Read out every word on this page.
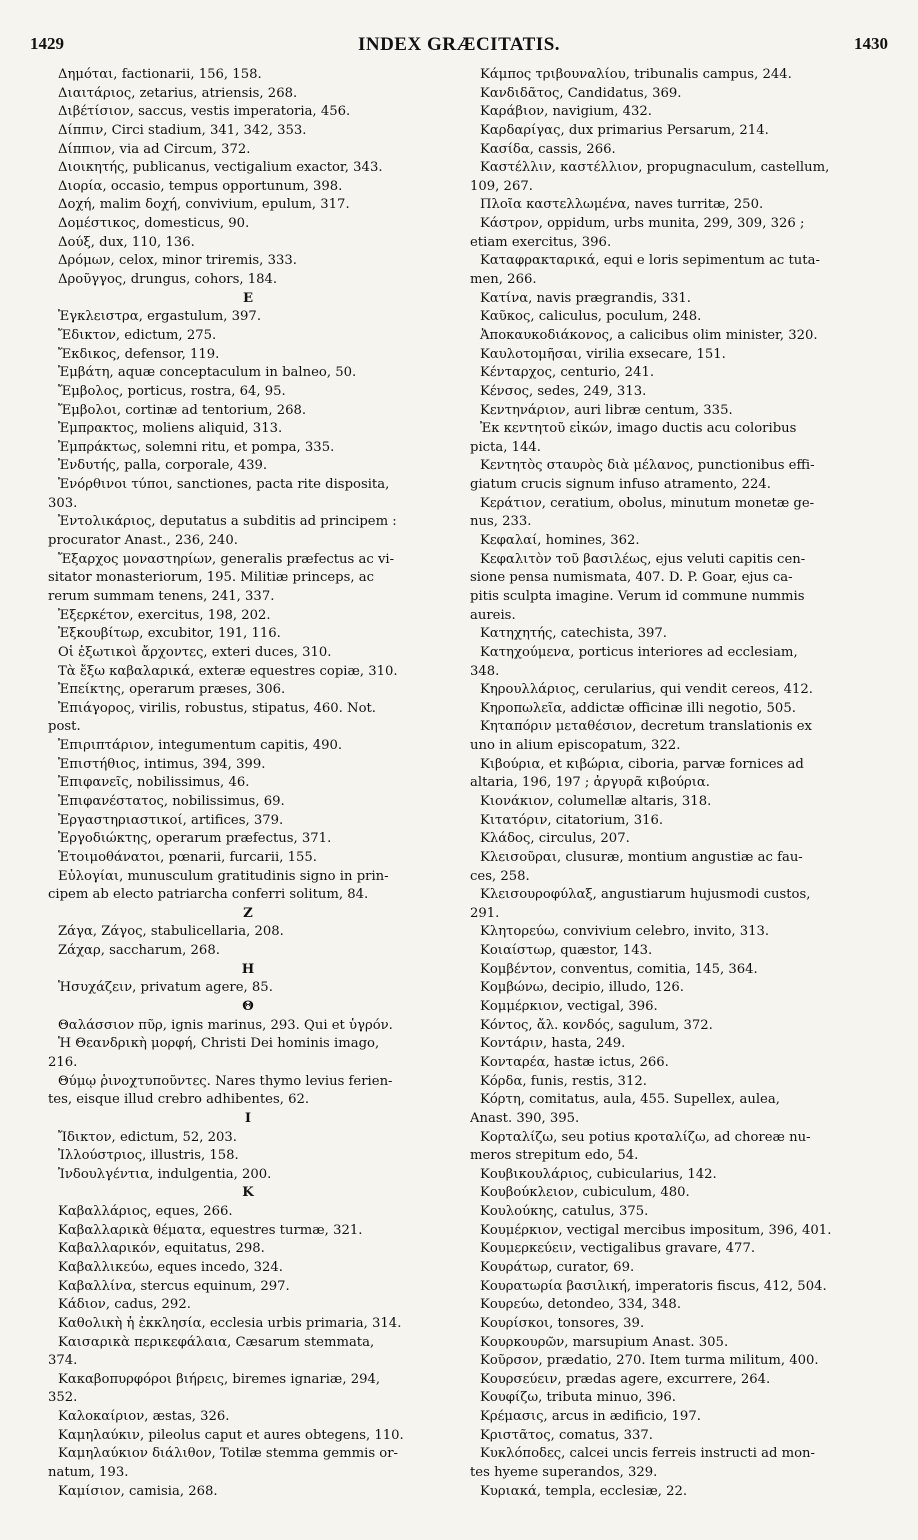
1429	INDEX GRÆCITATIS.	1430
Δημόται, factionarii, 156, 158.
Διαιτάριος, zetarius, atriensis, 268.
Διβέτίσιον, saccus, vestis imperatoria, 456.
Δίππιν, Circi stadium, 341, 342, 353.
Δίππιον, via ad Circum, 372.
Διοικητής, publicanus, vectigalium exactor, 343.
Διορία, occasio, tempus opportunum, 398.
Δοχή, malim δοχή, convivium, epulum, 317.
Δομέστικος, domesticus, 90.
Δούξ, dux, 110, 136.
Δρόμων, celox, minor triremis, 333.
Δροῦγγος, drungus, cohors, 184.
E
Ἐγκλειστρα, ergastulum, 397.
Ἔδικτον, edictum, 275.
Ἔκδικος, defensor, 119.
Ἐμβάτη, aquæ conceptaculum in balneo, 50.
Ἔμβολος, porticus, rostra, 64, 95.
Ἔμβολοι, cortinæ ad tentorium, 268.
Ἐμπρακτος, moliens aliquid, 313.
Ἐμπράκτως, solemni ritu, et pompa, 335.
Ἐνδυτής, palla, corporale, 439.
Ἐνόρθινοι τύποι, sanctiones, pacta rite disposita,
303.
Ἐντολικάριος, deputatus a subditis ad principem :
procurator Anast., 236, 240.
Ἔξαρχος μοναστηρίων, generalis præfectus ac vi-
sitator monasteriorum, 195. Militiæ princeps, ac
rerum summam tenens, 241, 337.
Ἐξερκέτον, exercitus, 198, 202.
Ἐξκουβίτωρ, excubitor, 191, 116.
Οἱ ἐξωτικοὶ ἄρχοντες, exteri duces, 310.
Τὰ ἔξω καβαλαρικά, exteræ equestres copiæ, 310.
Ἐπείκτης, operarum præses, 306.
Ἐπιάγορος, virilis, robustus, stipatus, 460. Not.
post.
Ἐπιριπτάριον, integumentum capitis, 490.
Ἐπιστήθιος, intimus, 394, 399.
Ἐπιφανεῖς, nobilissimus, 46.
Ἐπιφανέστατος, nobilissimus, 69.
Ἐργαστηριαστικοί, artifices, 379.
Ἐργοδιώκτης, operarum præfectus, 371.
Ἑτοιμοθάνατοι, pœnarii, furcarii, 155.
Εὐλογίαι, munusculum gratitudinis signo in prin-
cipem ab electo patriarcha conferri solitum, 84.
Z
Ζάγα, Ζάγος, stabulicellaria, 208.
Ζάχαρ, saccharum, 268.
H
Ἡσυχάζειν, privatum agere, 85.
Θ
Θαλάσσιον πῦρ, ignis marinus, 293. Qui et ὑγρόν.
Ἡ Θεανδρικὴ μορφή, Christi Dei hominis imago,
216.
Θύμῳ ῥινοχτυποῦντες. Nares thymo levius ferien-
tes, eisque illud crebro adhibentes, 62.
I
Ἴδικτον, edictum, 52, 203.
Ἰλλούστριος, illustris, 158.
Ἰνδουλγέντια, indulgentia, 200.
K
Καβαλλάριος, eques, 266.
Καβαλλαρικὰ θέματα, equestres turmæ, 321.
Καβαλλαρικόν, equitatus, 298.
Καβαλλικεύω, eques incedo, 324.
Καβαλλίνα, stercus equinum, 297.
Κάδιον, cadus, 292.
Καθολικὴ ἡ ἐκκλησία, ecclesia urbis primaria, 314.
Καισαρικὰ περικεφάλαια, Cæsarum stemmata,
374.
Κακαβοπυρφόροι βιήρεις, biremes ignariæ, 294,
352.
Καλοκαίριον, æstas, 326.
Καμηλαύκιν, pileolus caput et aures obtegens, 110.
Καμηλαύκιον διάλιθον, Totilæ stemma gemmis or-
natum, 193.
Καμίσιον, camisia, 268.
Κάμπος τριβουναλίου, tribunalis campus, 244.
Κανδιδᾶτος, Candidatus, 369.
Καράβιον, navigium, 432.
Καρδαρίγας, dux primarius Persarum, 214.
Κασίδα, cassis, 266.
Καστέλλιν, καστέλλιον, propugnaculum, castellum,
109, 267.
Πλοῖα καστελλωμένα, naves turritæ, 250.
Κάστρον, oppidum, urbs munita, 299, 309, 326 ;
etiam exercitus, 396.
Καταφρακταρικά, equi e loris sepimentum ac tuta-
men, 266.
Κατίνα, navis prægrandis, 331.
Καῦκος, caliculus, poculum, 248.
Ἀποκαυκοδιάκονος, a calicibus olim minister, 320.
Καυλοτομῆσαι, virilia exsecare, 151.
Κένταρχος, centurio, 241.
Κένσος, sedes, 249, 313.
Κεντηνάριον, auri libræ centum, 335.
Ἐκ κεντητοῦ εἰκών, imago ductis acu coloribus
picta, 144.
Κεντητὸς σταυρὸς διὰ μέλανος, punctionibus effi-
giatum crucis signum infuso atramento, 224.
Κεράτιον, ceratium, obolus, minutum monetæ ge-
nus, 233.
Κεφαλαί, homines, 362.
Κεφαλιτὸν τοῦ βασιλέως, ejus veluti capitis cen-
sione pensa numismata, 407. D. P. Goar, ejus ca-
pitis sculpta imagine. Verum id commune nummis
aureis.
Κατηχητής, catechista, 397.
Κατηχούμενα, porticus interiores ad ecclesiam,
348.
Κηρουλλάριος, cerularius, qui vendit cereos, 412.
Κηροπωλεῖα, addictæ officinæ illi negotio, 505.
Κηταπόριν μεταθέσιον, decretum translationis ex
uno in alium episcopatum, 322.
Κιβούρια, et κιβώρια, ciboria, parvæ fornices ad
altaria, 196, 197 ; ἀργυρᾶ κιβούρια.
Κιονάκιον, columellæ altaris, 318.
Κιτατόριν, citatorium, 316.
Κλάδος, circulus, 207.
Κλεισοῦραι, clusuræ, montium angustiæ ac fau-
ces, 258.
Κλεισουροφύλαξ, angustiarum hujusmodi custos,
291.
Κλητορεύω, convivium celebro, invito, 313.
Κοιαίστωρ, quæstor, 143.
Κομβέντον, conventus, comitia, 145, 364.
Κομβώνω, decipio, illudo, 126.
Κομμέρκιον, vectigal, 396.
Κόντος, ἄλ. κονδός, sagulum, 372.
Κοντάριν, hasta, 249.
Κονταρέα, hastæ ictus, 266.
Κόρδα, funis, restis, 312.
Κόρτη, comitatus, aula, 455. Supellex, aulea,
Anast. 390, 395.
Κορταλίζω, seu potius κροταλίζω, ad choreæ nu-
meros strepitum edo, 54.
Κουβικουλάριος, cubicularius, 142.
Κουβούκλειον, cubiculum, 480.
Κουλούκης, catulus, 375.
Κουμέρκιον, vectigal mercibus impositum, 396, 401.
Κουμερκεύειν, vectigalibus gravare, 477.
Κουράτωρ, curator, 69.
Κουρατωρία βασιλική, imperatoris fiscus, 412, 504.
Κουρεύω, detondeo, 334, 348.
Κουρίσκοι, tonsores, 39.
Κουρκουρῶν, marsupium Anast. 305.
Κοῦρσον, prædatio, 270. Item turma militum, 400.
Κουρσεύειν, prædas agere, excurrere, 264.
Κουφίζω, tributa minuo, 396.
Κρέμασις, arcus in ædificio, 197.
Κριστᾶτος, comatus, 337.
Κυκλόποδες, calcei uncis ferreis instructi ad mon-
tes hyeme superandos, 329.
Κυριακά, templa, ecclesiæ, 22.
